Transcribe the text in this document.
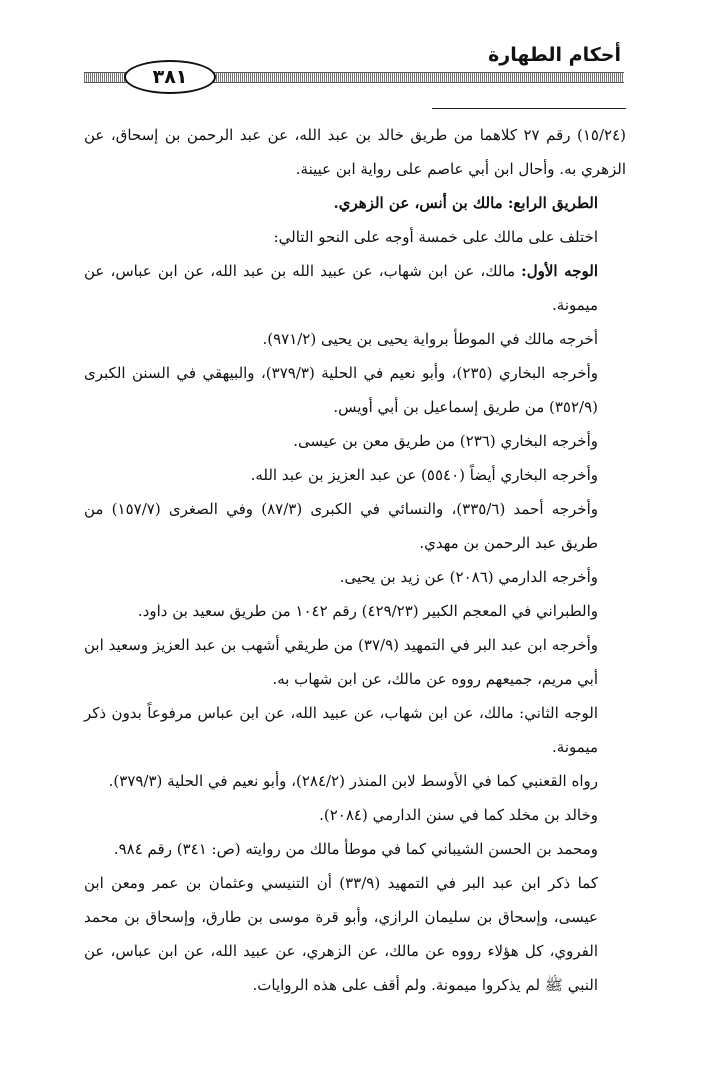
أحكام الطهارة
٣٨١

(١٥/٢٤) رقم ٢٧ كلاهما من طريق خالد بن عبد الله، عن عبد الرحمن بن إسحاق، عن الزهري به. وأحال ابن أبي عاصم على رواية ابن عيينة.

الطريق الرابع: مالك بن أنس، عن الزهري.

اختلف على مالك على خمسة أوجه على النحو التالي:

الوجه الأول: مالك، عن ابن شهاب، عن عبيد الله بن عبد الله، عن ابن عباس، عن ميمونة.

أخرجه مالك في الموطأ برواية يحيى بن يحيى (٩٧١/٢).

وأخرجه البخاري (٢٣٥)، وأبو نعيم في الحلية (٣٧٩/٣)، والبيهقي في السنن الكبرى (٣٥٢/٩) من طريق إسماعيل بن أبي أويس.

وأخرجه البخاري (٢٣٦) من طريق معن بن عيسى.

وأخرجه البخاري أيضاً (٥٥٤٠) عن عبد العزيز بن عبد الله.

وأخرجه أحمد (٣٣٥/٦)، والنسائي في الكبرى (٨٧/٣) وفي الصغرى (١٥٧/٧) من طريق عبد الرحمن بن مهدي.

وأخرجه الدارمي (٢٠٨٦) عن زيد بن يحيى.

والطبراني في المعجم الكبير (٤٢٩/٢٣) رقم ١٠٤٢ من طريق سعيد بن داود.

وأخرجه ابن عبد البر في التمهيد (٣٧/٩) من طريقي أشهب بن عبد العزيز وسعيد ابن أبي مريم، جميعهم رووه عن مالك، عن ابن شهاب به.

الوجه الثاني: مالك، عن ابن شهاب، عن عبيد الله، عن ابن عباس مرفوعاً بدون ذكر ميمونة.

رواه القعنبي كما في الأوسط لابن المنذر (٢٨٤/٢)، وأبو نعيم في الحلية (٣٧٩/٣).

وخالد بن مخلد كما في سنن الدارمي (٢٠٨٤).

ومحمد بن الحسن الشيباني كما في موطأ مالك من روايته (ص: ٣٤١) رقم ٩٨٤.

كما ذكر ابن عبد البر في التمهيد (٣٣/٩) أن التنيسي وعثمان بن عمر ومعن ابن عيسى، وإسحاق بن سليمان الرازي، وأبو قرة موسى بن طارق، وإسحاق بن محمد الفروي، كل هؤلاء رووه عن مالك، عن الزهري، عن عبيد الله، عن ابن عباس، عن النبي ﷺ لم يذكروا ميمونة. ولم أقف على هذه الروايات.
